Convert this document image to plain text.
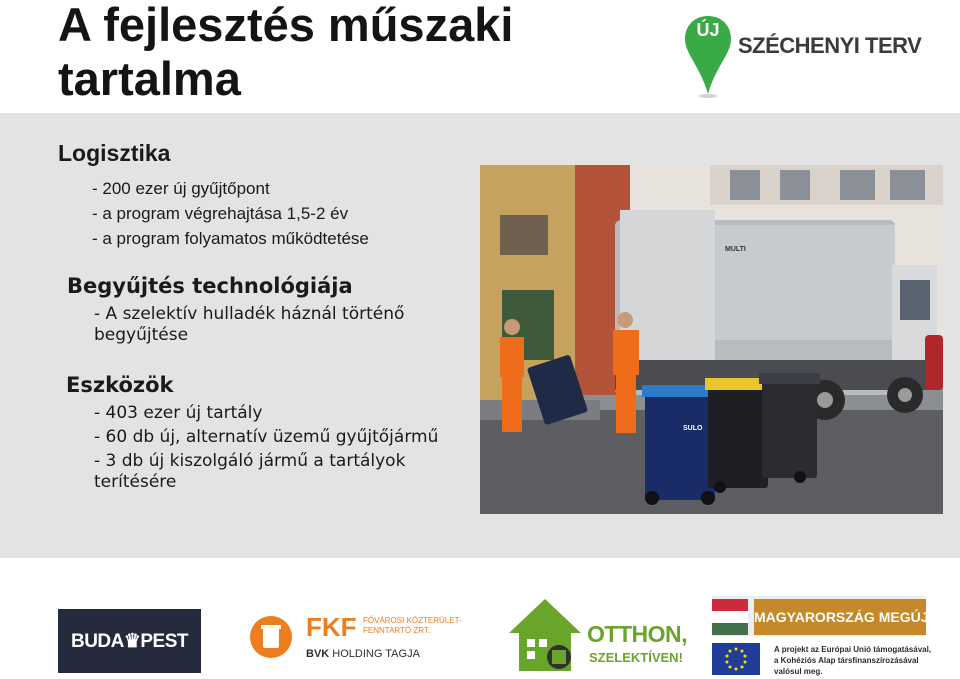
A fejlesztés műszaki tartalma
ÚJ
SZÉCHENYI TERV
Logisztika
- 200 ezer új gyűjtőpont
- a program végrehajtása 1,5-2 év
- a program folyamatos működtetése
Begyűjtés technológiája
- A szelektív hulladék háznál történő begyűjtése
Eszközök
- 403 ezer új tartály
- 60 db új, alternatív üzemű gyűjtőjármű
- 3 db új kiszolgáló jármű a tartályok terítésére
SULO
MULTI
BUDA♛PEST	FKF FŐVÁROSI KÖZTERÜLET-FENNTARTÓ ZRT.
BVK HOLDING TAGJA
OTTHON,
SZELEKTÍVEN!
MAGYARORSZÁG MEGÚJUL
A projekt az Európai Unió támogatásával, a Kohéziós Alap társfinanszírozásával valósul meg.
